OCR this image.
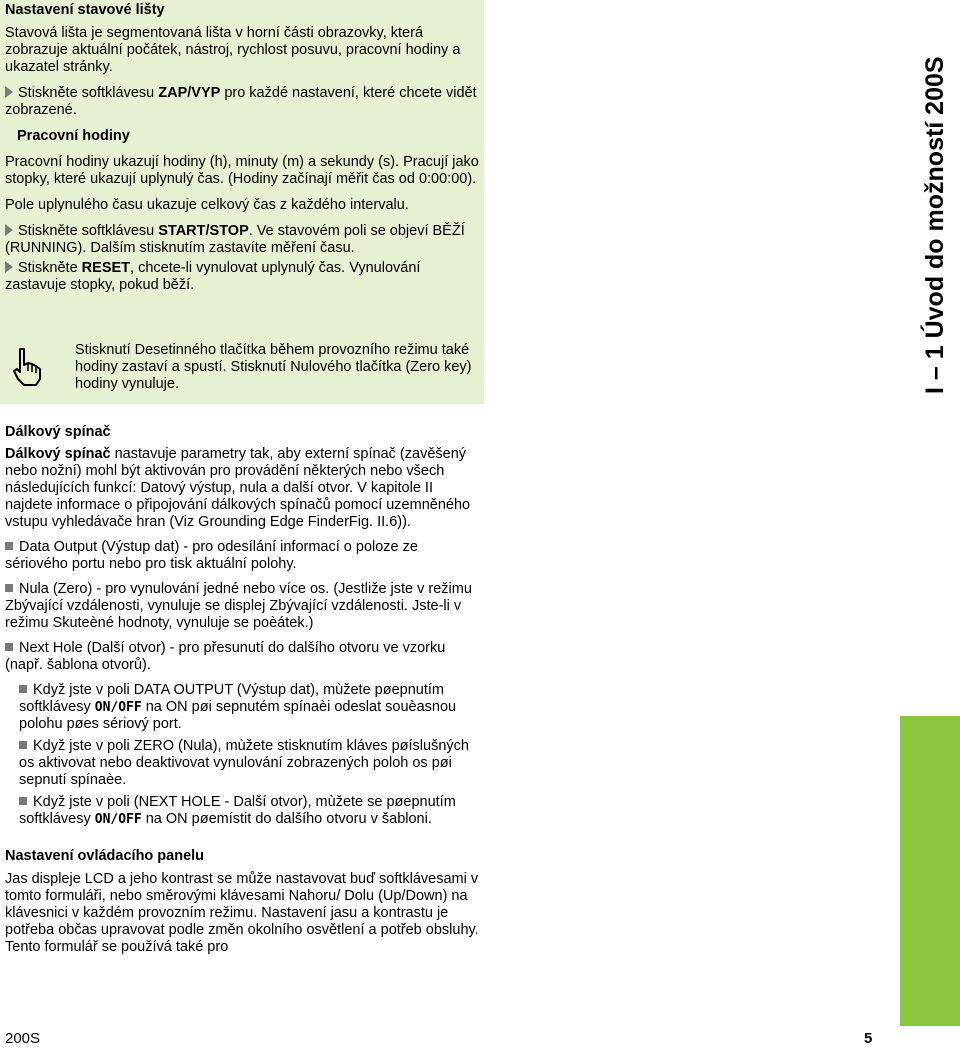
Nastavení stavové lišty

Stavová lišta je segmentovaná lišta v horní části obrazovky, která zobrazuje aktuální počátek, nástroj, rychlost posuvu, pracovní hodiny a ukazatel stránky.

Stiskněte softklávesu ZAP/VYP pro každé nastavení, které chcete vidět zobrazené.

Pracovní hodiny

Pracovní hodiny ukazují hodiny (h), minuty (m) a sekundy (s). Pracují jako stopky, které ukazují uplynulý čas. (Hodiny začínají měřit čas od 0:00:00).

Pole uplynulého času ukazuje celkový čas z každého intervalu.

Stiskněte softklávesu START/STOP. Ve stavovém poli se objeví BĚŽÍ (RUNNING). Dalším stisknutím zastavíte měření času.

Stiskněte RESET, chcete-li vynulovat uplynulý čas. Vynulování zastavuje stopky, pokud běží.

Stisknutí Desetinného tlačítka během provozního režimu také hodiny zastaví a spustí. Stisknutí Nulového tlačítka (Zero key) hodiny vynuluje.	I – 1 Úvod do možností 200S

Dálkový spínač

Dálkový spínač nastavuje parametry tak, aby externí spínač (zavěšený nebo nožní) mohl být aktivován pro provádění některých nebo všech následujících funkcí: Datový výstup, nula a další otvor. V kapitole II najdete informace o připojování dálkových spínačů pomocí uzemněného vstupu vyhledávače hran (Viz Grounding Edge FinderFig. II.6)).

Data Output (Výstup dat) - pro odesílání informací o poloze ze sériového portu nebo pro tisk aktuální polohy.

Nula (Zero) - pro vynulování jedné nebo více os. (Jestliže jste v režimu Zbývající vzdálenosti, vynuluje se displej Zbývající vzdálenosti. Jste-li v režimu Skuteèné hodnoty, vynuluje se poèátek.)

Next Hole (Další otvor) - pro přesunutí do dalšího otvoru ve vzorku (např. šablona otvorů).

Když jste v poli DATA OUTPUT (Výstup dat), mùžete pøepnutím softklávesy ON/OFF na ON pøi sepnutém spínaèi odeslat souèasnou polohu pøes sériový port.

Když jste v poli ZERO (Nula), mùžete stisknutím kláves pøíslušných os aktivovat nebo deaktivovat vynulování zobrazených poloh os pøi sepnutí spínaèe.

Když jste v poli (NEXT HOLE - Další otvor), mùžete se pøepnutím softklávesy ON/OFF na ON pøemístit do dalšího otvoru v šabloni.

Nastavení ovládacího panelu

Jas displeje LCD a jeho kontrast se může nastavovat buď softklávesami v tomto formuláři, nebo směrovými klávesami Nahoru/ Dolu (Up/Down) na klávesnici v každém provozním režimu. Nastavení jasu a kontrastu je potřeba občas upravovat podle změn okolního osvětlení a potřeb obsluhy. Tento formulář se používá také pro

200S	5
